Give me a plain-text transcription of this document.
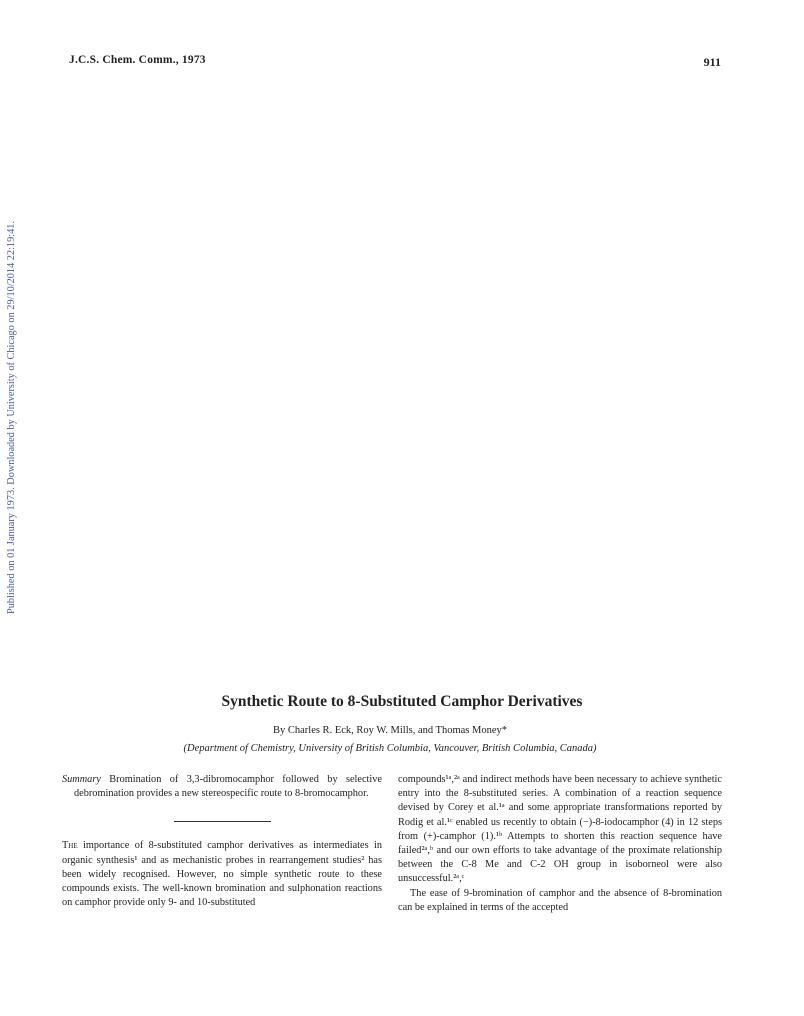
Published on 01 January 1973. Downloaded by University of Chicago on 29/10/2014 22:19:41.
J.C.S. Chem. Comm., 1973	911
Synthetic Route to 8-Substituted Camphor Derivatives
By Charles R. Eck, Roy W. Mills, and Thomas Money*
(Department of Chemistry, University of British Columbia, Vancouver, British Columbia, Canada)
Summary Bromination of 3,3-dibromocamphor followed by selective debromination provides a new stereospecific route to 8-bromocamphor.

The importance of 8-substituted camphor derivatives as intermediates in organic synthesis¹ and as mechanistic probes in rearrangement studies² has been widely recognised. However, no simple synthetic route to these compounds exists. The well-known bromination and sulphonation reactions on camphor provide only 9- and 10-substituted

compounds¹ᵃ,²ᵃ and indirect methods have been necessary to achieve synthetic entry into the 8-substituted series. A combination of a reaction sequence devised by Corey et al.¹ᵃ and some appropriate transformations reported by Rodig et al.¹ᶜ enabled us recently to obtain (−)-8-iodocamphor (4) in 12 steps from (+)-camphor (1).¹ᵇ Attempts to shorten this reaction sequence have failed²ᵃ,ᵇ and our own efforts to take advantage of the proximate relationship between the C-8 Me and C-2 OH group in isoborneol were also unsuccessful.²ᵃ,ᶜ

The ease of 9-bromination of camphor and the absence of 8-bromination can be explained in terms of the accepted
